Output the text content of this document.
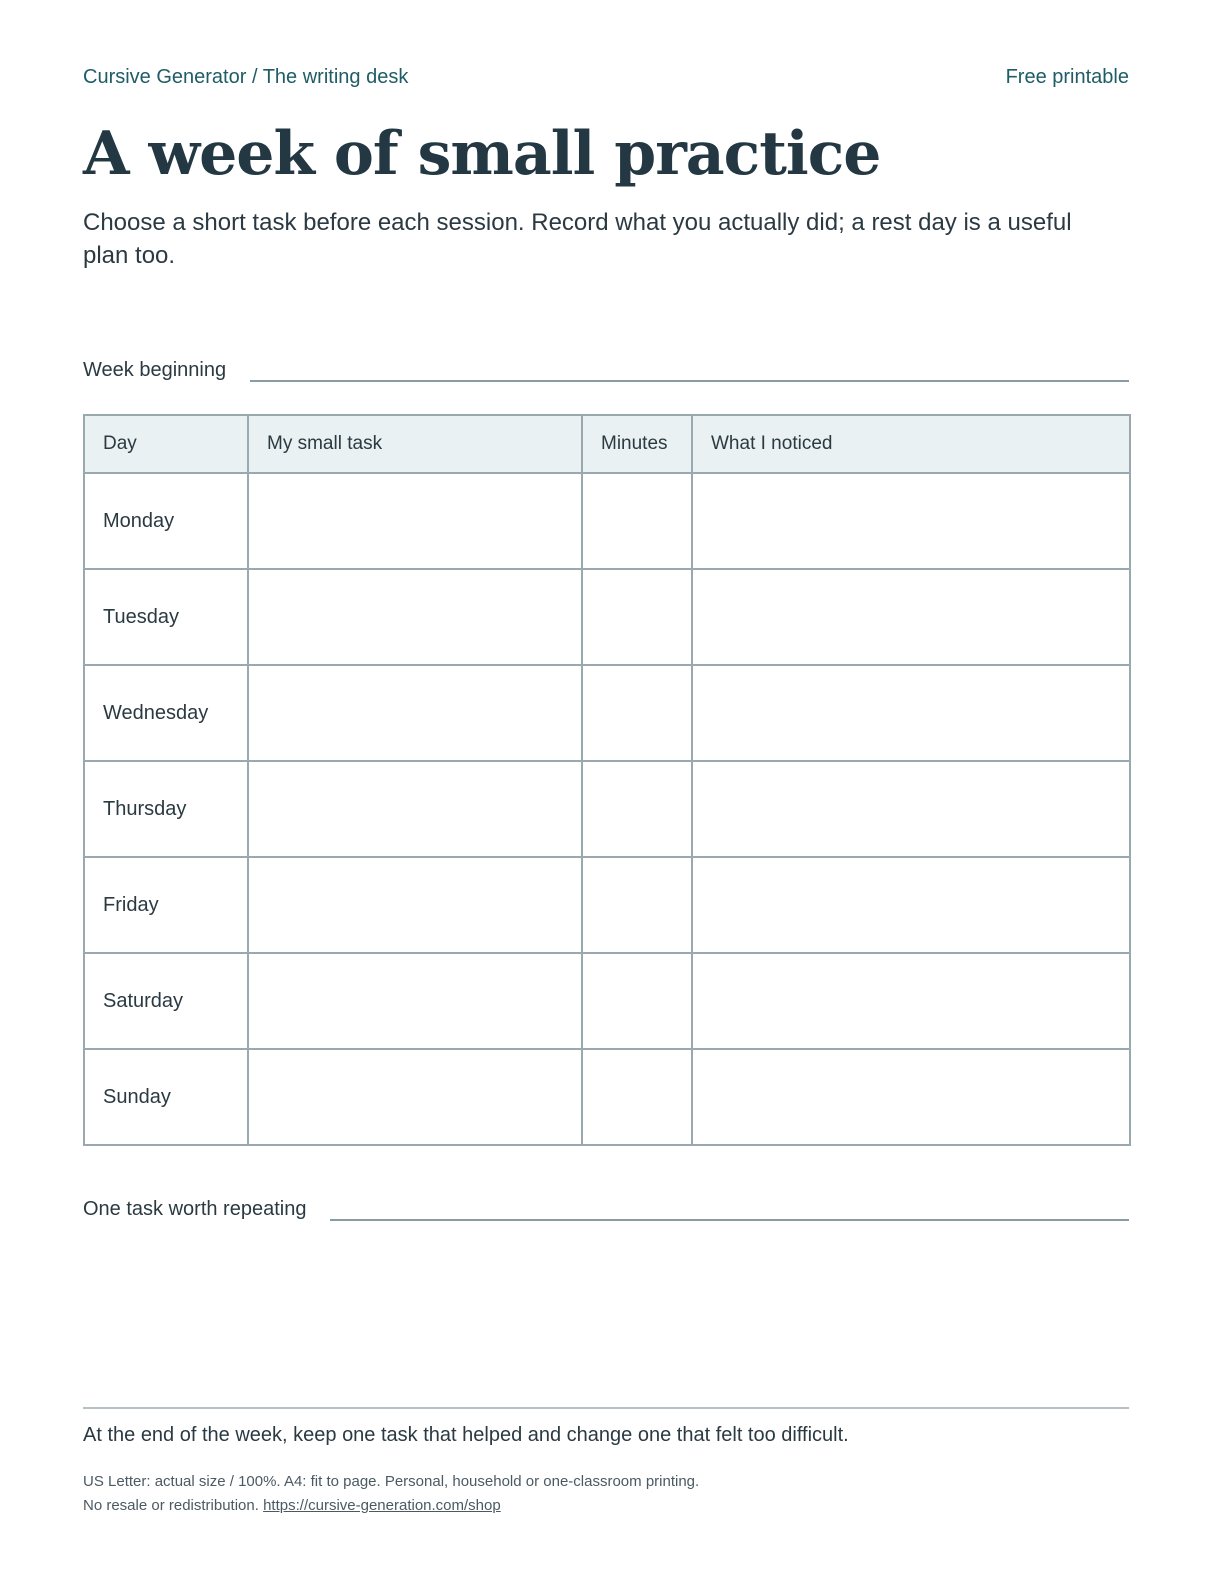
Cursive Generator / The writing desk	Free printable
A week of small practice

Choose a short task before each session. Record what you actually did; a rest day is a useful plan too.

Week beginning
Day	My small task	Minutes	What I noticed
Monday			
Tuesday			
Wednesday			
Thursday			
Friday			
Saturday			
Sunday			
One task worth repeating

At the end of the week, keep one task that helped and change one that felt too difficult.

US Letter: actual size / 100%. A4: fit to page. Personal, household or one-classroom printing.
No resale or redistribution. https://cursive-generation.com/shop
